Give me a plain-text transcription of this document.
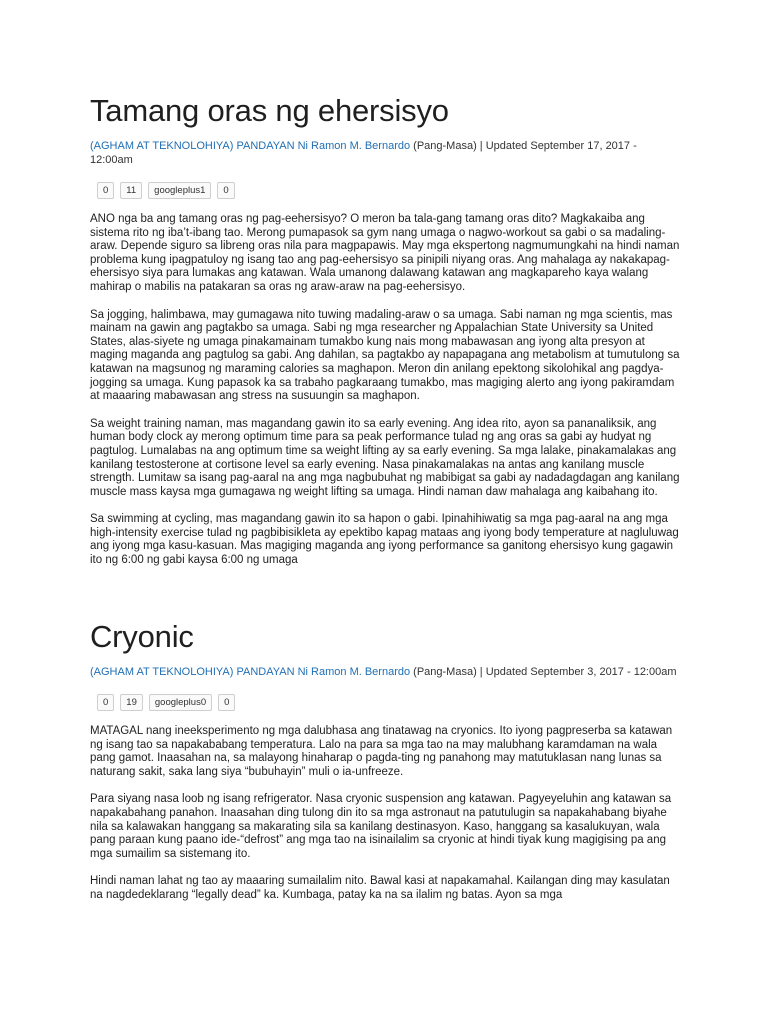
Tamang oras ng ehersisyo
(AGHAM AT TEKNOLOHIYA) PANDAYAN Ni Ramon M. Bernardo (Pang-Masa) | Updated September 17, 2017 - 12:00am
0	11	googleplus1	0

ANO nga ba ang tamang oras ng pag-eehersisyo? O meron ba tala-gang tamang oras dito? Magkakaiba ang sistema rito ng iba’t-ibang tao. Merong pumapasok sa gym nang umaga o nagwo-workout sa gabi o sa madaling-araw. Depende siguro sa libreng oras nila para magpapawis. May mga ekspertong nagmumungkahi na hindi naman problema kung ipagpatuloy ng isang tao ang pag-eehersisyo sa pinipili niyang oras. Ang mahalaga ay nakakapag-ehersisyo siya para lumakas ang katawan. Wala umanong dalawang katawan ang magkapareho kaya walang mahirap o mabilis na patakaran sa oras ng araw-araw na pag-eehersisyo.

Sa jogging, halimbawa, may gumagawa nito tuwing madaling-araw o sa umaga. Sabi naman ng mga scientis, mas mainam na gawin ang pagtakbo sa umaga. Sabi ng mga researcher ng Appalachian State University sa United States, alas-siyete ng umaga pinakamainam tumakbo kung nais mong mabawasan ang iyong alta presyon at maging maganda ang pagtulog sa gabi. Ang dahilan, sa pagtakbo ay napapagana ang metabolism at tumutulong sa katawan na magsunog ng maraming calories sa maghapon. Meron din anilang epektong sikolohikal ang pagdya-jogging sa umaga. Kung papasok ka sa trabaho pagkaraang tumakbo, mas magiging alerto ang iyong pakiramdam at maaaring mabawasan ang stress na susuungin sa maghapon.

Sa weight training naman, mas magandang gawin ito sa early evening. Ang idea rito, ayon sa pananaliksik, ang human body clock ay merong optimum time para sa peak performance tulad ng ang oras sa gabi ay hudyat ng pagtulog. Lumalabas na ang optimum time sa weight lifting ay sa early evening. Sa mga lalake, pinakamalakas ang kanilang testosterone at cortisone level sa early evening. Nasa pinakamalakas na antas ang kanilang muscle strength. Lumitaw sa isang pag-aaral na ang mga nagbubuhat ng mabibigat sa gabi ay nadadagdagan ang kanilang muscle mass kaysa mga gumagawa ng weight lifting sa umaga. Hindi naman daw mahalaga ang kaibahang ito.

Sa swimming at cycling, mas magandang gawin ito sa hapon o gabi. Ipinahihiwatig sa mga pag-aaral na ang mga high-intensity exercise tulad ng pagbibisikleta ay epektibo kapag mataas ang iyong body temperature at nagluluwag ang iyong mga kasu-kasuan. Mas magiging maganda ang iyong performance sa ganitong ehersisyo kung gagawin ito ng 6:00 ng gabi kaysa 6:00 ng umaga

Cryonic
(AGHAM AT TEKNOLOHIYA) PANDAYAN Ni Ramon M. Bernardo (Pang-Masa) | Updated September 3, 2017 - 12:00am
0	19	googleplus0	0

MATAGAL nang ineeksperimento ng mga dalubhasa ang tinatawag na cryonics. Ito iyong pagpreserba sa katawan ng isang tao sa napakababang temperatura. Lalo na para sa mga tao na may malubhang karamdaman na wala pang gamot. Inaasahan na, sa malayong hinaharap o pagda-ting ng panahong may matutuklasan nang lunas sa naturang sakit, saka lang siya “bubuhayin” muli o ia-unfreeze.

Para siyang nasa loob ng isang refrigerator. Nasa cryonic suspension ang katawan. Pagyeyeluhin ang katawan sa napakabahang panahon. Inaasahan ding tulong din ito sa mga astronaut na patutulugin sa napakahabang biyahe nila sa kalawakan hanggang sa makarating sila sa kanilang destinasyon. Kaso, hanggang sa kasalukuyan, wala pang paraan kung paano ide-“defrost” ang mga tao na isinailalim sa cryonic at hindi tiyak kung magigising pa ang mga sumailim sa sistemang ito.

Hindi naman lahat ng tao ay maaaring sumailalim nito. Bawal kasi at napakamahal. Kailangan ding may kasulatan na nagdedeklarang “legally dead” ka. Kumbaga, patay ka na sa ilalim ng batas. Ayon sa mga
